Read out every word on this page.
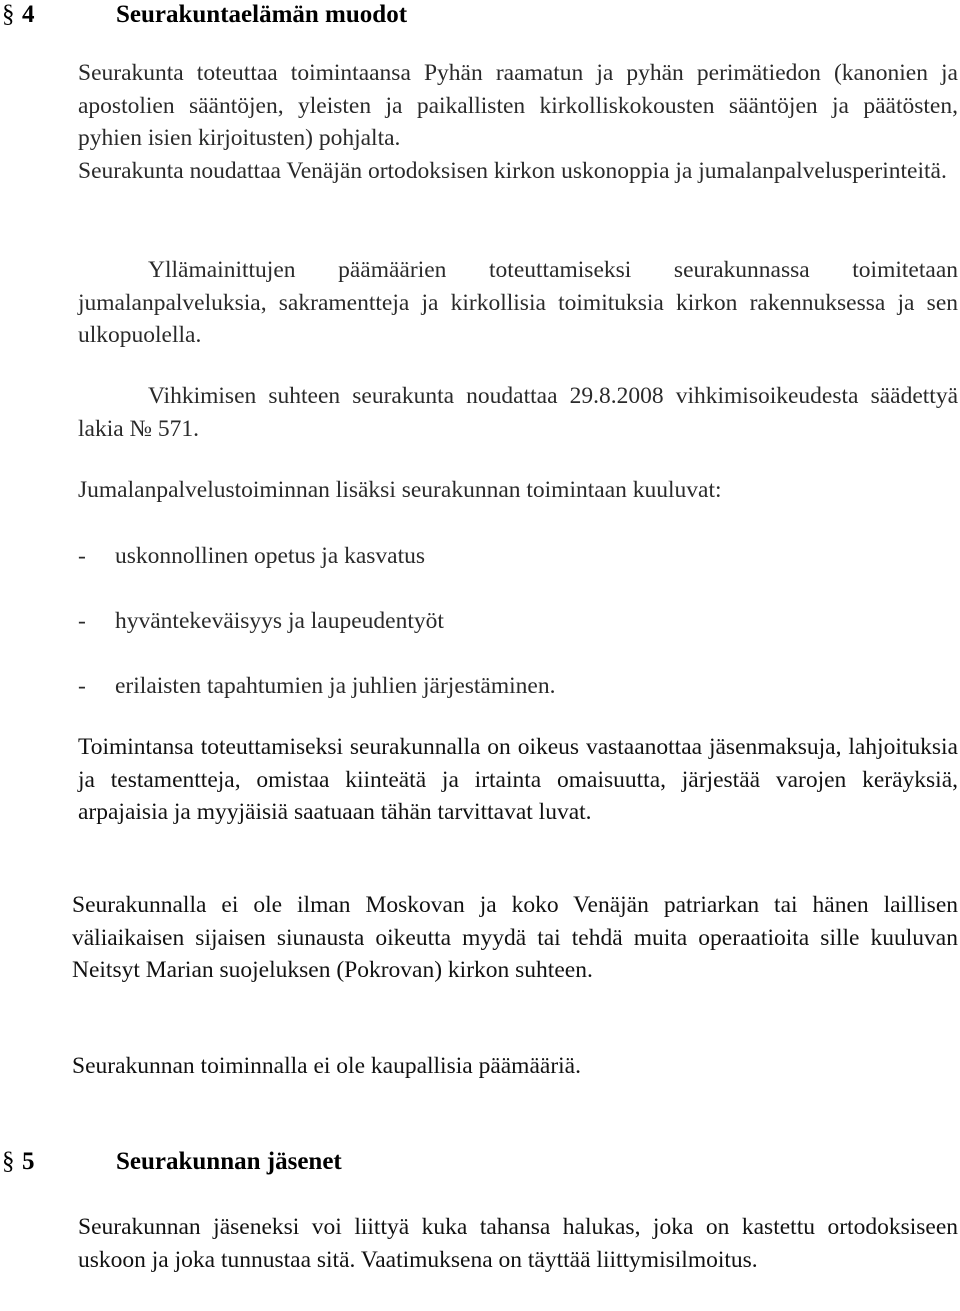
§ 4	Seurakuntaelämän muodot

Seurakunta toteuttaa toimintaansa Pyhän raamatun ja pyhän perimätiedon (kanonien ja apostolien sääntöjen, yleisten ja paikallisten kirkolliskokousten sääntöjen ja päätösten, pyhien isien kirjoitusten) pohjalta.

Seurakunta noudattaa Venäjän ortodoksisen kirkon uskonoppia ja jumalanpalvelusperinteitä.

Yllämainittujen päämäärien toteuttamiseksi seurakunnassa toimitetaan jumalanpalveluksia, sakramentteja ja kirkollisia toimituksia kirkon rakennuksessa ja sen ulkopuolella.

Vihkimisen suhteen seurakunta noudattaa 29.8.2008 vihkimisoikeudesta säädettyä lakia № 571.

Jumalanpalvelustoiminnan lisäksi seurakunnan toimintaan kuuluvat:

- uskonnollinen opetus ja kasvatus
- hyväntekeväisyys ja laupeudentyöt
- erilaisten tapahtumien ja juhlien järjestäminen.

Toimintansa toteuttamiseksi seurakunnalla on oikeus vastaanottaa jäsenmaksuja, lahjoituksia ja testamentteja, omistaa kiinteätä ja irtainta omaisuutta, järjestää varojen keräyksiä, arpajaisia ja myyjäisiä saatuaan tähän tarvittavat luvat.

Seurakunnalla ei ole ilman Moskovan ja koko Venäjän patriarkan tai hänen laillisen väliaikaisen sijaisen siunausta oikeutta myydä tai tehdä muita operaatioita sille kuuluvan Neitsyt Marian suojeluksen (Pokrovan) kirkon suhteen.

Seurakunnan toiminnalla ei ole kaupallisia päämääriä.

§ 5	Seurakunnan jäsenet

Seurakunnan jäseneksi voi liittyä kuka tahansa halukas, joka on kastettu ortodoksiseen uskoon ja joka tunnustaa sitä. Vaatimuksena on täyttää liittymisilmoitus.
